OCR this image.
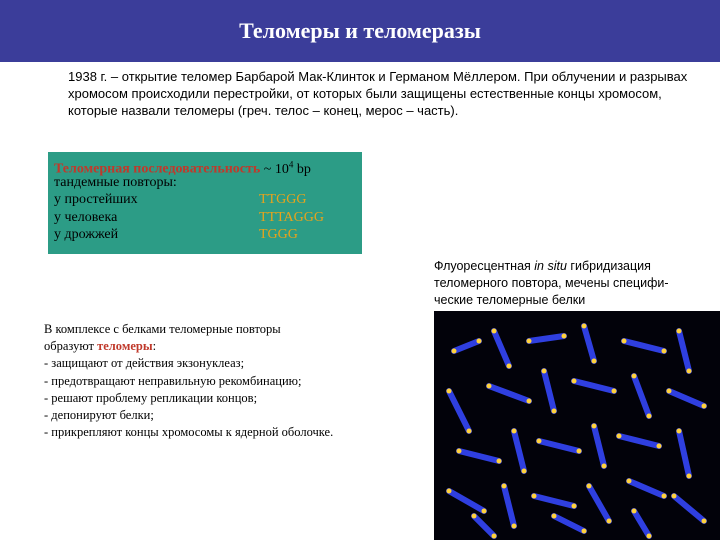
Теломеры и теломеразы
1938 г. – открытие теломер Барбарой Мак-Клинток и Германом Мёллером. При облучении и разрывах хромосом происходили перестройки, от которых были защищены естественные концы хромосом, которые назвали теломеры (греч. телос – конец, мерос – часть).
Теломерная последовательность ~ $10^4$ bp
тандемные повторы:
у простейших	TTGGG
у человека	TTTAGGG
у дрожжей	TGGG
Флуоресцентная in situ гибридизация теломерного повтора, мечены специфи-ческие теломерные белки
В комплексе с белками теломерные повторы
образуют теломеры:
- защищают от действия экзонуклеаз;
- предотвращают неправильную рекомбинацию;
- решают проблему репликации концов;
- депонируют белки;
- прикрепляют концы хромосомы к ядерной оболочке.
